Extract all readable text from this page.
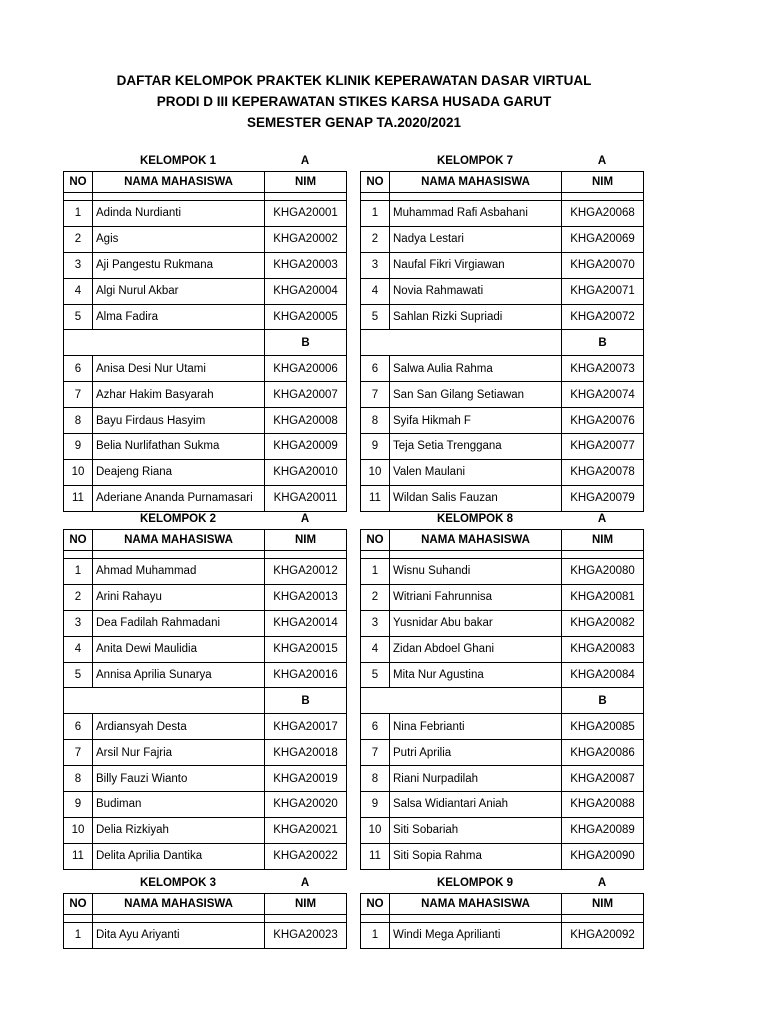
DAFTAR KELOMPOK PRAKTEK KLINIK KEPERAWATAN DASAR VIRTUAL
PRODI D III KEPERAWATAN STIKES KARSA HUSADA GARUT
SEMESTER GENAP TA.2020/2021
KELOMPOK 1	A
NO	NAMA MAHASISWA	NIM

1	Adinda Nurdianti	KHGA20001
2	Agis	KHGA20002
3	Aji Pangestu Rukmana	KHGA20003
4	Algi Nurul Akbar	KHGA20004
5	Alma Fadira	KHGA20005
		B
6	Anisa Desi Nur Utami	KHGA20006
7	Azhar Hakim Basyarah	KHGA20007
8	Bayu Firdaus Hasyim	KHGA20008
9	Belia Nurlifathan Sukma	KHGA20009
10	Deajeng Riana	KHGA20010
11	Aderiane Ananda Purnamasari	KHGA20011
KELOMPOK 7	A
NO	NAMA MAHASISWA	NIM

1	Muhammad Rafi Asbahani	KHGA20068
2	Nadya Lestari	KHGA20069
3	Naufal Fikri Virgiawan	KHGA20070
4	Novia Rahmawati	KHGA20071
5	Sahlan Rizki Supriadi	KHGA20072
		B
6	Salwa Aulia Rahma	KHGA20073
7	San San Gilang Setiawan	KHGA20074
8	Syifa Hikmah F	KHGA20076
9	Teja Setia Trenggana	KHGA20077
10	Valen Maulani	KHGA20078
11	Wildan Salis Fauzan	KHGA20079
KELOMPOK 2	A
NO	NAMA MAHASISWA	NIM

1	Ahmad Muhammad	KHGA20012
2	Arini Rahayu	KHGA20013
3	Dea Fadilah Rahmadani	KHGA20014
4	Anita Dewi Maulidia	KHGA20015
5	Annisa Aprilia Sunarya	KHGA20016
		B
6	Ardiansyah Desta	KHGA20017
7	Arsil Nur Fajria	KHGA20018
8	Billy Fauzi Wianto	KHGA20019
9	Budiman	KHGA20020
10	Delia Rizkiyah	KHGA20021
11	Delita Aprilia Dantika	KHGA20022
KELOMPOK 8	A
NO	NAMA MAHASISWA	NIM

1	Wisnu Suhandi	KHGA20080
2	Witriani Fahrunnisa	KHGA20081
3	Yusnidar Abu bakar	KHGA20082
4	Zidan Abdoel Ghani	KHGA20083
5	Mita Nur Agustina	KHGA20084
		B
6	Nina Febrianti	KHGA20085
7	Putri Aprilia	KHGA20086
8	Riani Nurpadilah	KHGA20087
9	Salsa Widiantari Aniah	KHGA20088
10	Siti Sobariah	KHGA20089
11	Siti Sopia Rahma	KHGA20090
KELOMPOK 3	A
NO	NAMA MAHASISWA	NIM

1	Dita Ayu Ariyanti	KHGA20023
KELOMPOK 9	A
NO	NAMA MAHASISWA	NIM

1	Windi Mega Aprilianti	KHGA20092
